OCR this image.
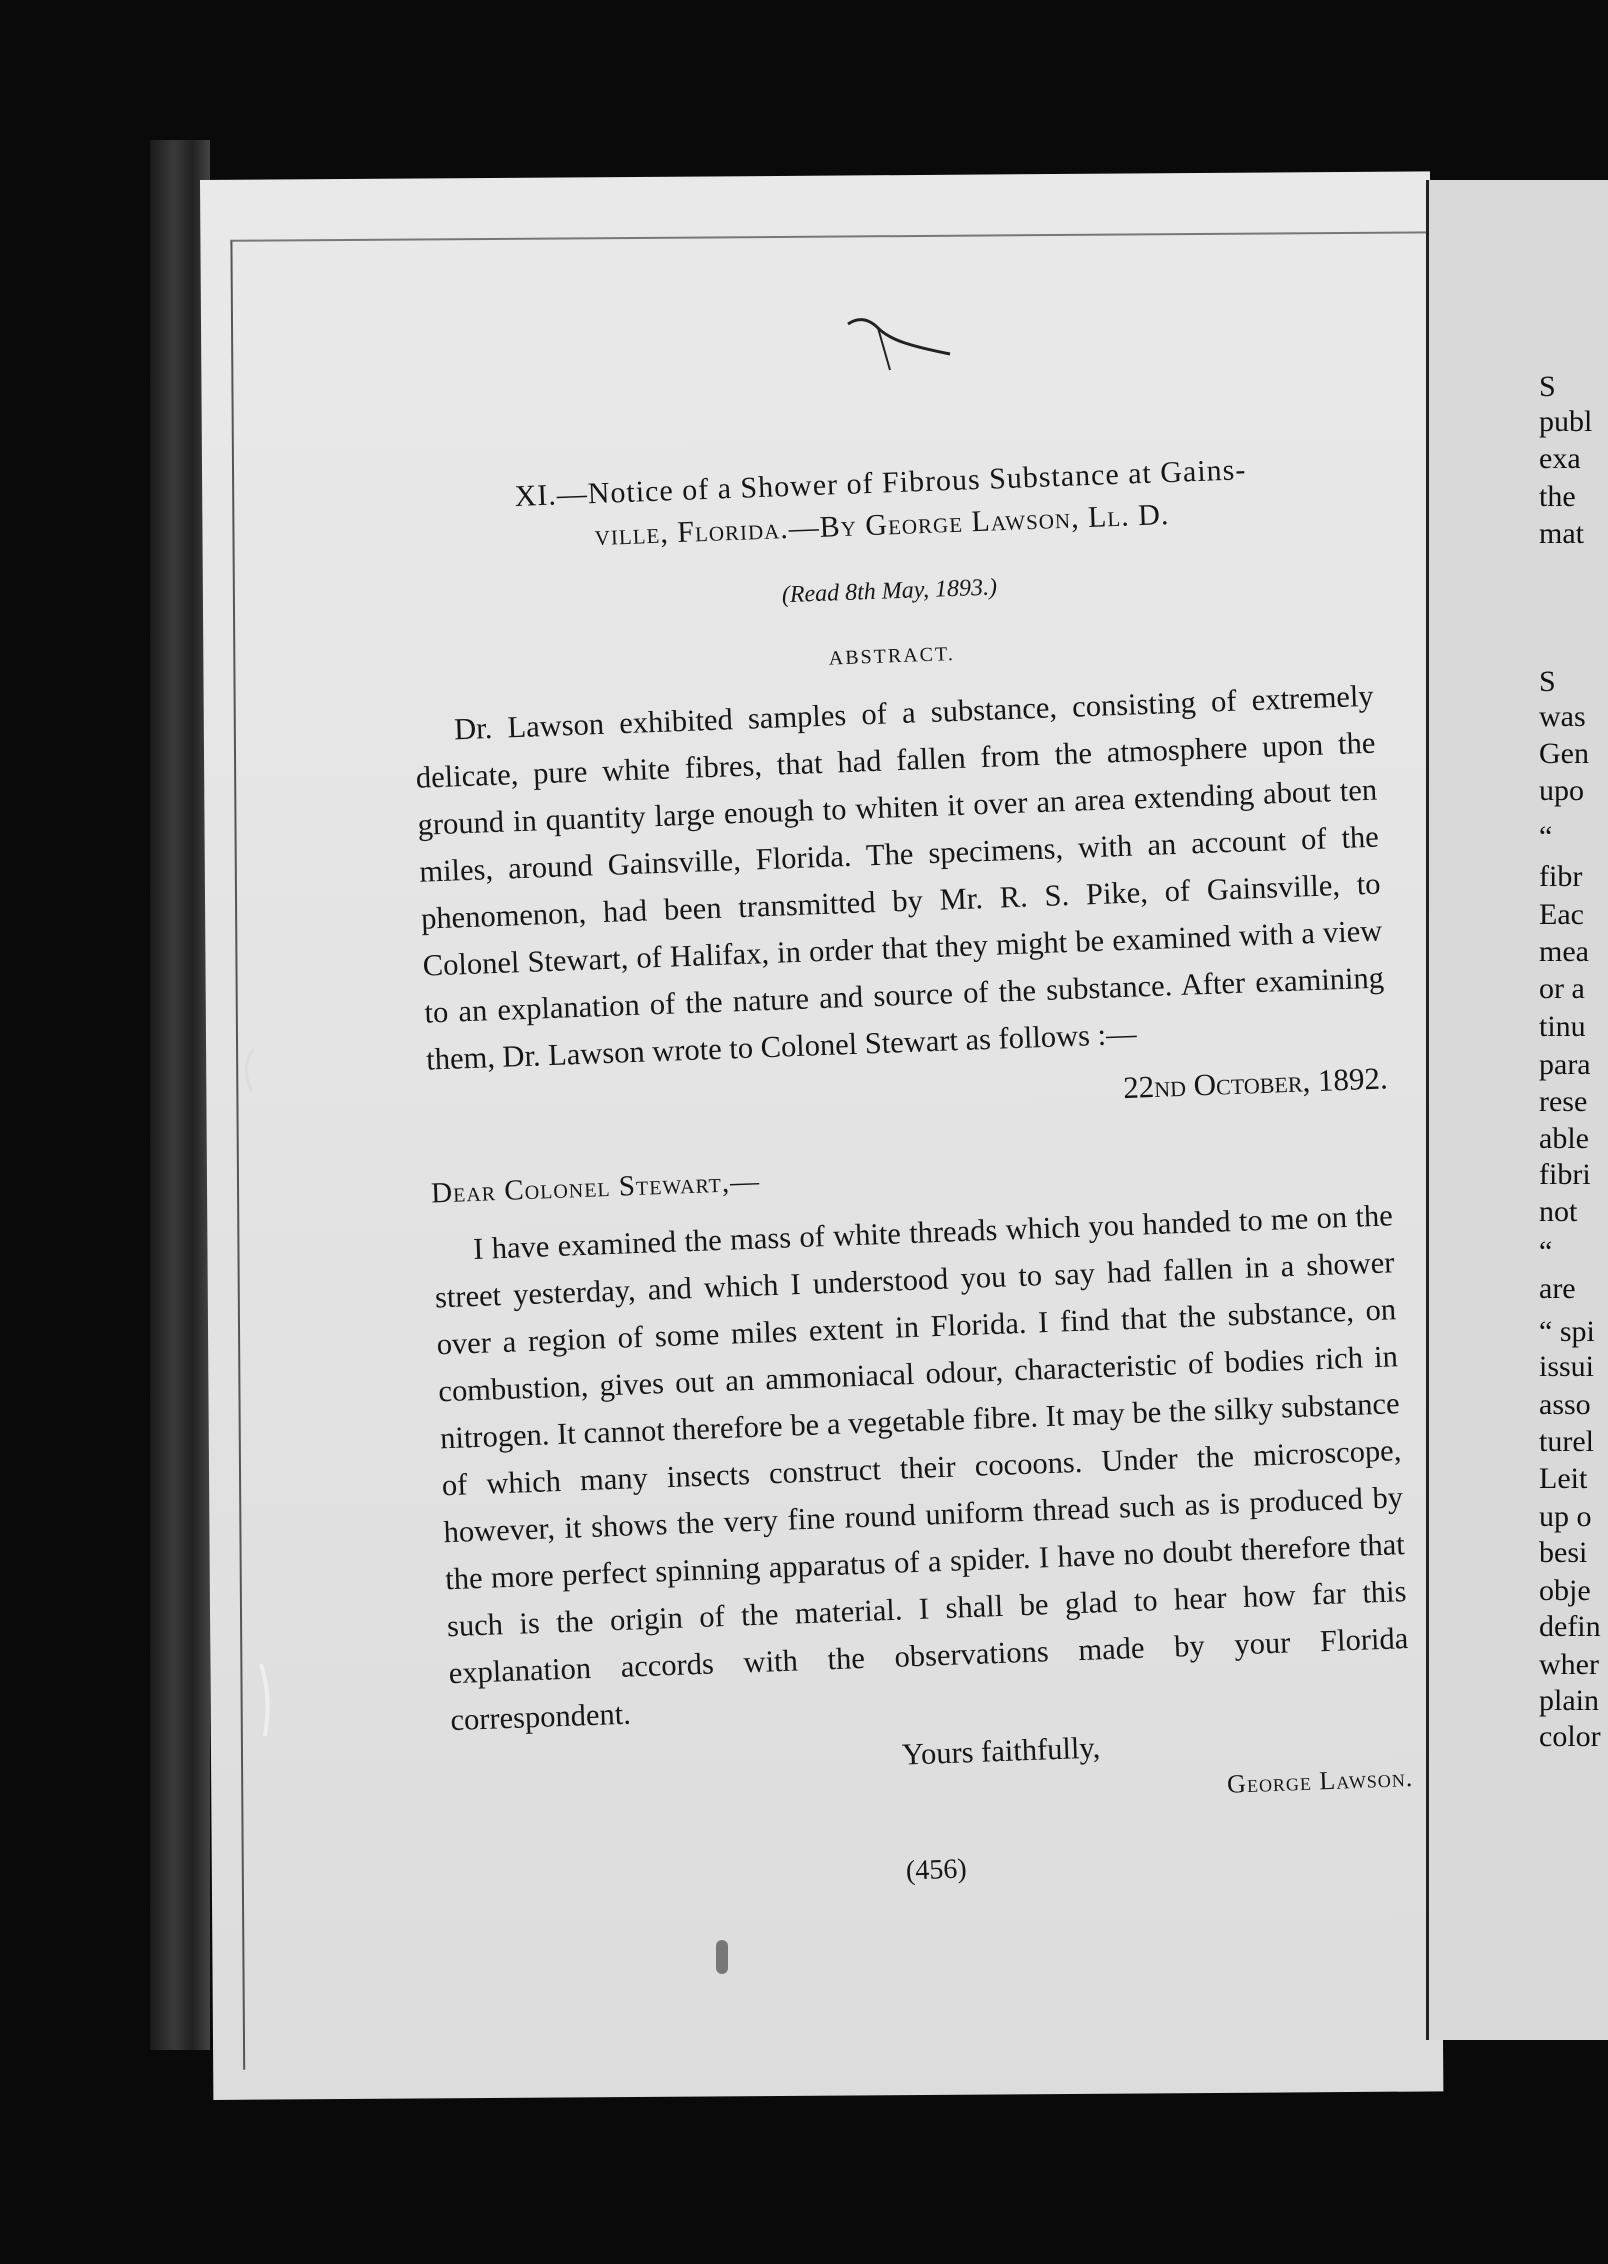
S
publ
exa
the
mat
S
was
Gen
upo
“
fibr
Eac
mea
or a
tinu
para
rese
able
fibri
not
“
are
“ spi
issui
asso
turel
Leit
up o
besi
obje
defin
wher
plain
color
XI.—Notice of a Shower of Fibrous Substance at Gains-
ville, Florida.—By George Lawson, Ll. D.
(Read 8th May, 1893.)
ABSTRACT.

Dr. Lawson exhibited samples of a substance, consisting of extremely delicate, pure white fibres, that had fallen from the atmosphere upon the ground in quantity large enough to whiten it over an area extending about ten miles, around Gainsville, Florida. The specimens, with an account of the phenomenon, had been transmitted by Mr. R. S. Pike, of Gainsville, to Colonel Stewart, of Halifax, in order that they might be examined with a view to an explanation of the nature and source of the substance. After examining them, Dr. Lawson wrote to Colonel Stewart as follows :—

22nd October, 1892.
Dear Colonel Stewart,—

I have examined the mass of white threads which you handed to me on the street yesterday, and which I understood you to say had fallen in a shower over a region of some miles extent in Florida. I find that the substance, on combustion, gives out an ammoniacal odour, characteristic of bodies rich in nitrogen. It cannot therefore be a vegetable fibre. It may be the silky substance of which many insects construct their cocoons. Under the microscope, however, it shows the very fine round uniform thread such as is produced by the more perfect spinning apparatus of a spider. I have no doubt therefore that such is the origin of the material. I shall be glad to hear how far this explanation accords with the observations made by your Florida correspondent.

Yours faithfully,
George Lawson.
(456)
